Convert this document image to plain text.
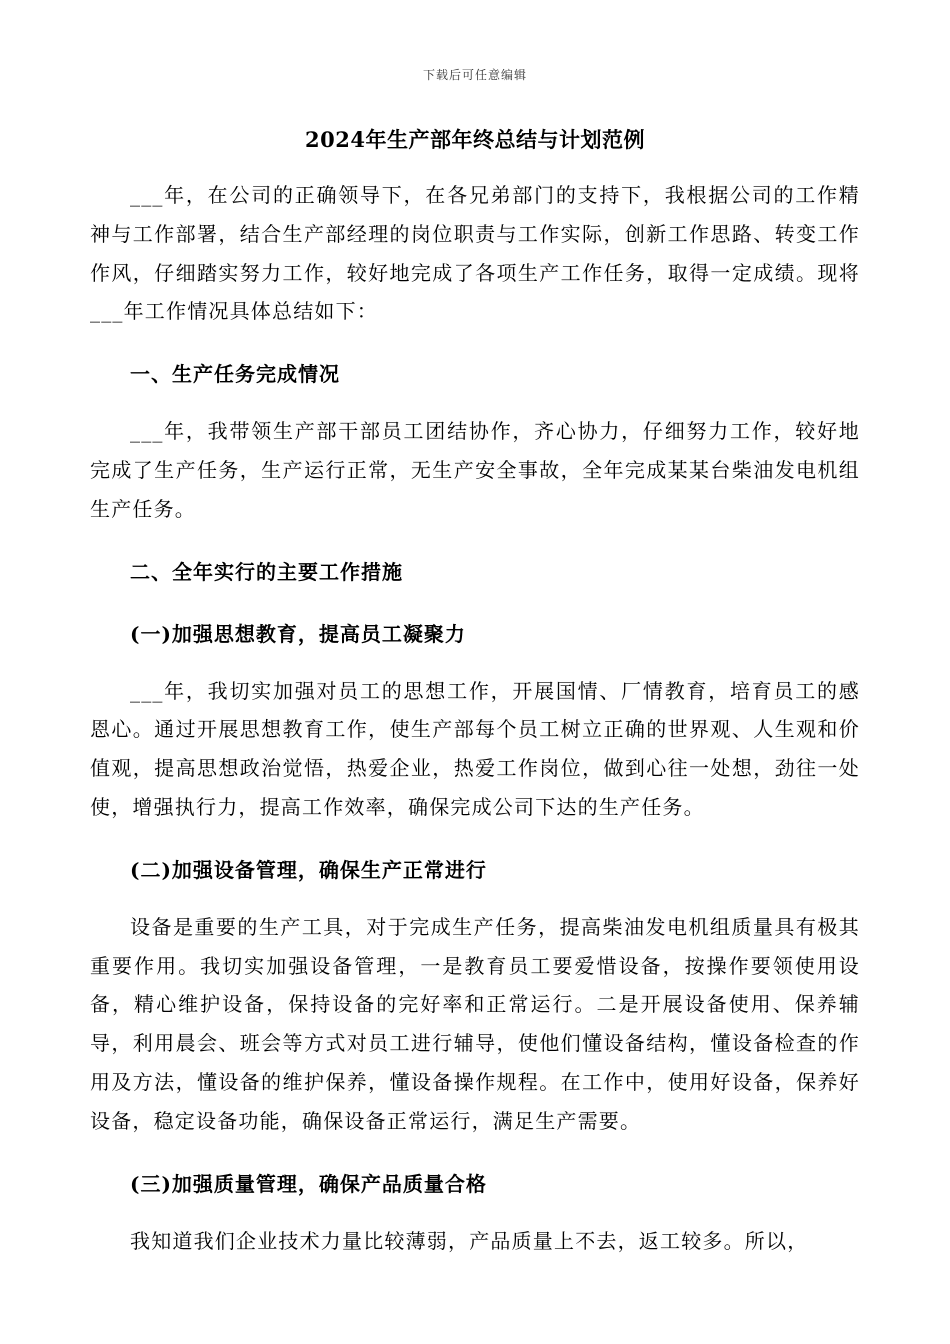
下载后可任意编辑
2024年生产部年终总结与计划范例

___年，在公司的正确领导下，在各兄弟部门的支持下，我根据公司的工作精神与工作部署，结合生产部经理的岗位职责与工作实际，创新工作思路、转变工作作风，仔细踏实努力工作，较好地完成了各项生产工作任务，取得一定成绩。现将___年工作情况具体总结如下：

一、生产任务完成情况

___年，我带领生产部干部员工团结协作，齐心协力，仔细努力工作，较好地完成了生产任务，生产运行正常，无生产安全事故，全年完成某某台柴油发电机组生产任务。

二、全年实行的主要工作措施
(一)加强思想教育，提高员工凝聚力

___年，我切实加强对员工的思想工作，开展国情、厂情教育，培育员工的感恩心。通过开展思想教育工作，使生产部每个员工树立正确的世界观、人生观和价值观，提高思想政治觉悟，热爱企业，热爱工作岗位，做到心往一处想，劲往一处使，增强执行力，提高工作效率，确保完成公司下达的生产任务。

(二)加强设备管理，确保生产正常进行

设备是重要的生产工具，对于完成生产任务，提高柴油发电机组质量具有极其重要作用。我切实加强设备管理，一是教育员工要爱惜设备，按操作要领使用设备，精心维护设备，保持设备的完好率和正常运行。二是开展设备使用、保养辅导，利用晨会、班会等方式对员工进行辅导，使他们懂设备结构，懂设备检查的作用及方法，懂设备的维护保养，懂设备操作规程。在工作中，使用好设备，保养好设备，稳定设备功能，确保设备正常运行，满足生产需要。

(三)加强质量管理，确保产品质量合格

我知道我们企业技术力量比较薄弱，产品质量上不去，返工较多。所以，
